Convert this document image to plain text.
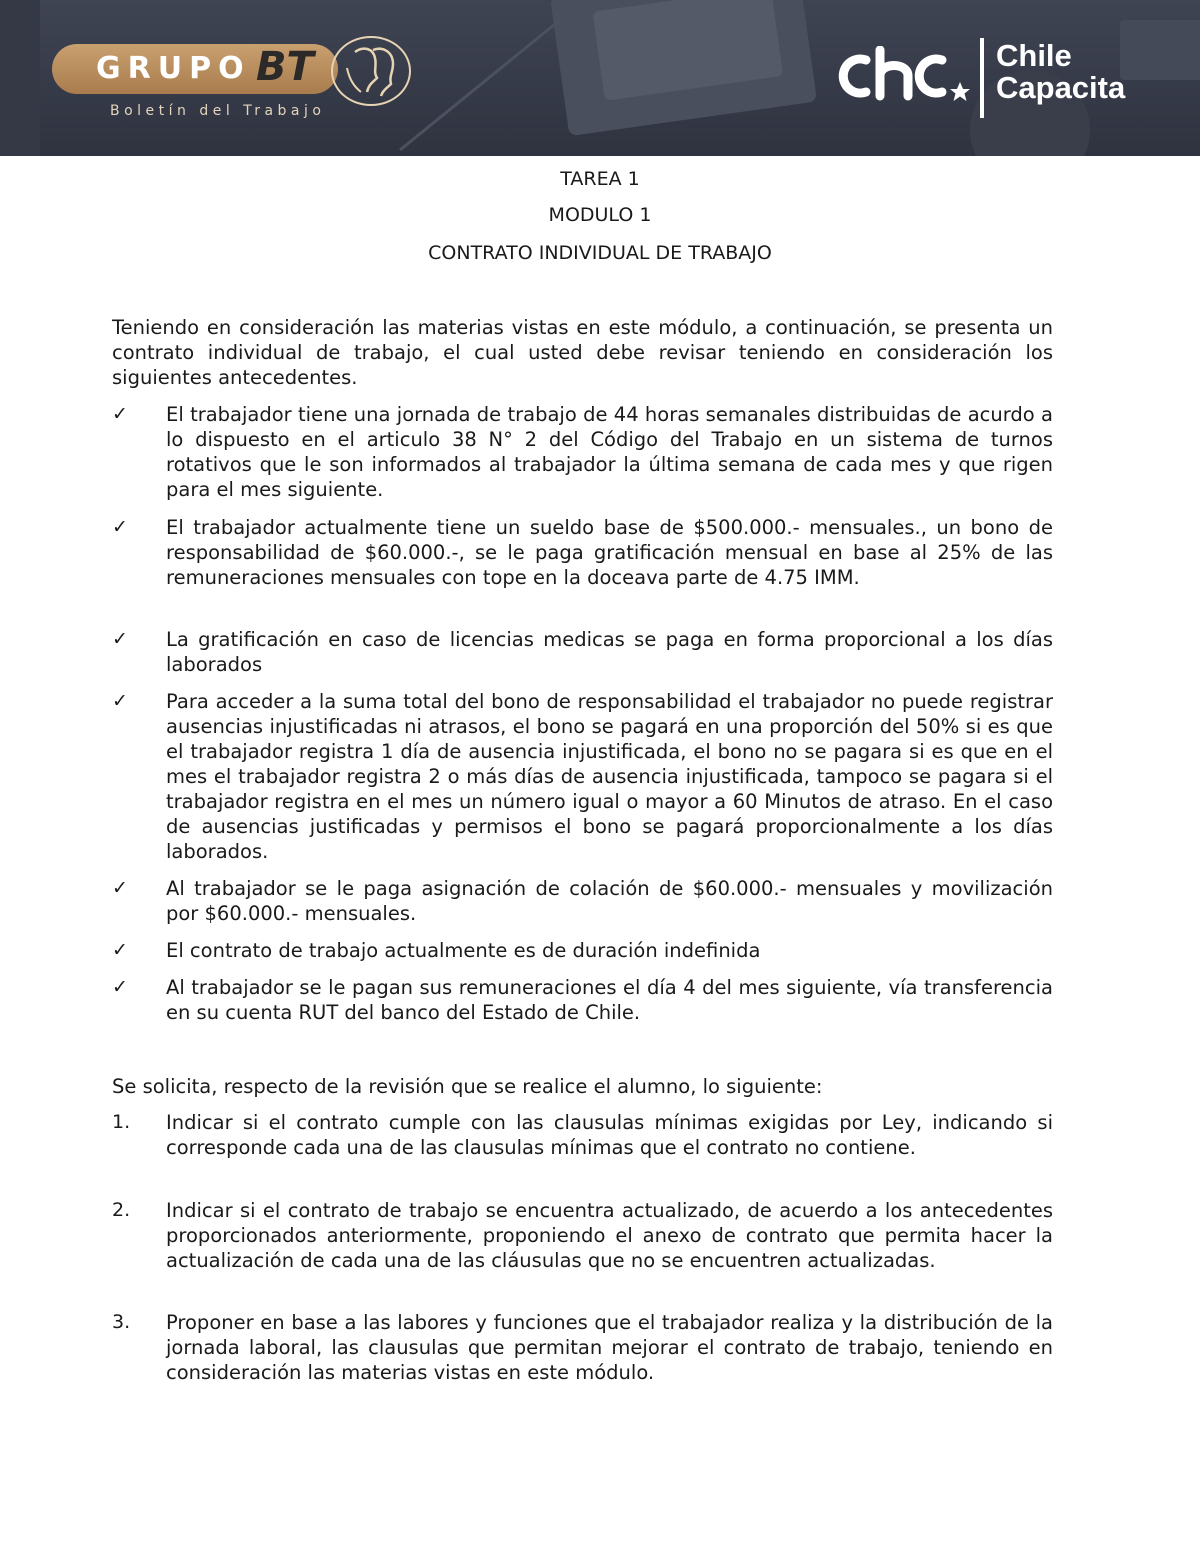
GRUPO BT
Boletín del Trabajo
Chile
Capacita
TAREA 1
MODULO 1
CONTRATO INDIVIDUAL DE TRABAJO

Teniendo en consideración las materias vistas en este módulo, a continuación, se presenta un contrato individual de trabajo, el cual usted debe revisar teniendo en consideración los siguientes antecedentes.

✓	El trabajador tiene una jornada de trabajo de 44 horas semanales distribuidas de acurdo a lo dispuesto en el articulo 38 N° 2 del Código del Trabajo en un sistema de turnos rotativos que le son informados al trabajador la última semana de cada mes y que rigen para el mes siguiente.

✓	El trabajador actualmente tiene un sueldo base de $500.000.- mensuales., un bono de responsabilidad de $60.000.-, se le paga gratificación mensual en base al 25% de las remuneraciones mensuales con tope en la doceava parte de 4.75 IMM.

✓	La gratificación en caso de licencias medicas se paga en forma proporcional a los días laborados

✓	Para acceder a la suma total del bono de responsabilidad el trabajador no puede registrar ausencias injustificadas ni atrasos, el bono se pagará en una proporción del 50% si es que el trabajador registra 1 día de ausencia injustificada, el bono no se pagara si es que en el mes el trabajador registra 2 o más días de ausencia injustificada, tampoco se pagara si el trabajador registra en el mes un número igual o mayor a 60 Minutos de atraso. En el caso de ausencias justificadas y permisos el bono se pagará proporcionalmente a los días laborados.

✓	Al trabajador se le paga asignación de colación de $60.000.- mensuales y movilización por $60.000.- mensuales.

✓	El contrato de trabajo actualmente es de duración indefinida

✓	Al trabajador se le pagan sus remuneraciones el día 4 del mes siguiente, vía transferencia en su cuenta RUT del banco del Estado de Chile.

Se solicita, respecto de la revisión que se realice el alumno, lo siguiente:

1.	Indicar si el contrato cumple con las clausulas mínimas exigidas por Ley, indicando si corresponde cada una de las clausulas mínimas que el contrato no contiene.

2.	Indicar si el contrato de trabajo se encuentra actualizado, de acuerdo a los antecedentes proporcionados anteriormente, proponiendo el anexo de contrato que permita hacer la actualización de cada una de las cláusulas que no se encuentren actualizadas.

3.	Proponer en base a las labores y funciones que el trabajador realiza y la distribución de la jornada laboral, las clausulas que permitan mejorar el contrato de trabajo, teniendo en consideración las materias vistas en este módulo.
